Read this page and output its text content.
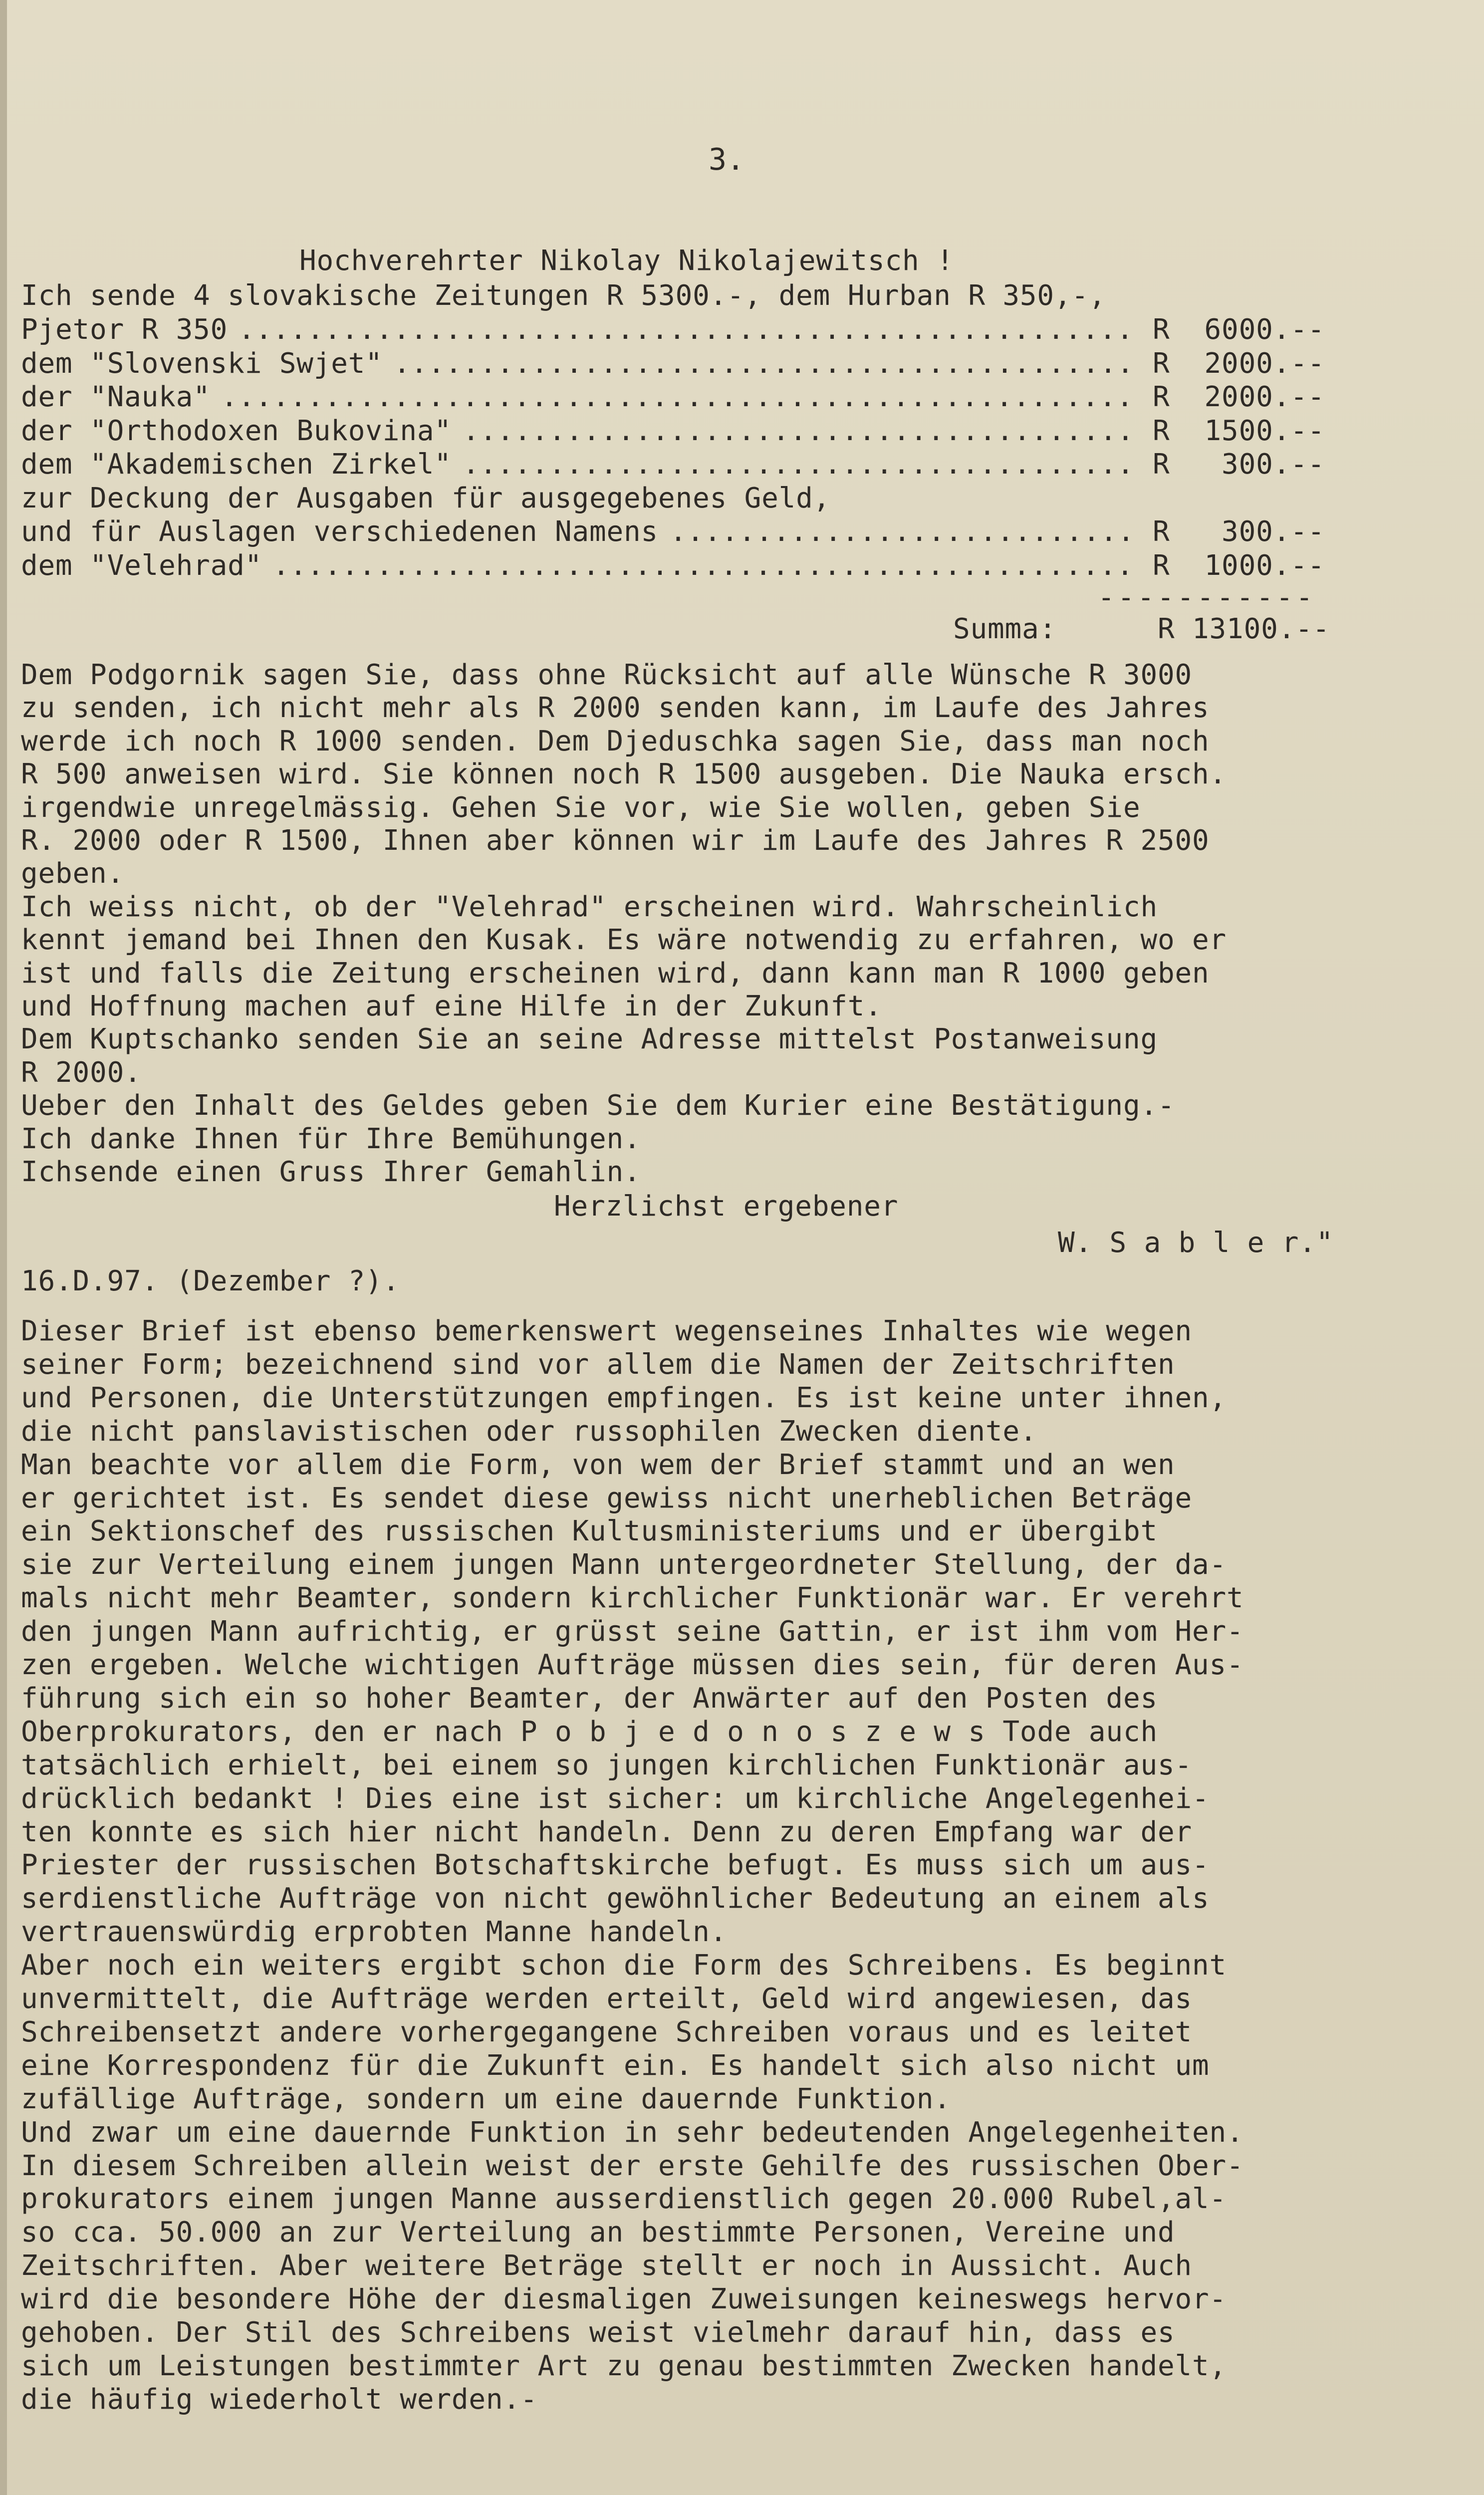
3.
Hochverehrter Nikolay Nikolajewitsch !
Ich sende 4 slovakische Zeitungen R 5300.-, dem Hurban R 350,-,
Pjetor R 350 .................................................... R  6000.--
dem "Slovenski Swjet" ........................................... R  2000.--
der "Nauka" ..................................................... R  2000.--
der "Orthodoxen Bukovina" ....................................... R  1500.--
dem "Akademischen Zirkel" ....................................... R   300.--
zur Deckung der Ausgaben für ausgegebenes Geld,
und für Auslagen verschiedenen Namens ........................... R   300.--
dem "Velehrad" .................................................. R  1000.--
-----------
Summa:	R 13100.--
Dem Podgornik sagen Sie, dass ohne Rücksicht auf alle Wünsche R 3000
zu senden, ich nicht mehr als R 2000 senden kann, im Laufe des Jahres
werde ich noch R 1000 senden. Dem Djeduschka sagen Sie, dass man noch
R 500 anweisen wird. Sie können noch R 1500 ausgeben. Die Nauka ersch.
irgendwie unregelmässig. Gehen Sie vor, wie Sie wollen, geben Sie
R. 2000 oder R 1500, Ihnen aber können wir im Laufe des Jahres R 2500
geben.
Ich weiss nicht, ob der "Velehrad" erscheinen wird. Wahrscheinlich
kennt jemand bei Ihnen den Kusak. Es wäre notwendig zu erfahren, wo er
ist und falls die Zeitung erscheinen wird, dann kann man R 1000 geben
und Hoffnung machen auf eine Hilfe in der Zukunft.
Dem Kuptschanko senden Sie an seine Adresse mittelst Postanweisung
R 2000.
Ueber den Inhalt des Geldes geben Sie dem Kurier eine Bestätigung.-
Ich danke Ihnen für Ihre Bemühungen.
Ichsende einen Gruss Ihrer Gemahlin.
Herzlichst ergebener
W. S a b l e r."
16.D.97. (Dezember ?).
Dieser Brief ist ebenso bemerkenswert wegenseines Inhaltes wie wegen
seiner Form; bezeichnend sind vor allem die Namen der Zeitschriften
und Personen, die Unterstützungen empfingen. Es ist keine unter ihnen,
die nicht panslavistischen oder russophilen Zwecken diente.
Man beachte vor allem die Form, von wem der Brief stammt und an wen
er gerichtet ist. Es sendet diese gewiss nicht unerheblichen Beträge
ein Sektionschef des russischen Kultusministeriums und er übergibt
sie zur Verteilung einem jungen Mann untergeordneter Stellung, der da-
mals nicht mehr Beamter, sondern kirchlicher Funktionär war. Er verehrt
den jungen Mann aufrichtig, er grüsst seine Gattin, er ist ihm vom Her-
zen ergeben. Welche wichtigen Aufträge müssen dies sein, für deren Aus-
führung sich ein so hoher Beamter, der Anwärter auf den Posten des
Oberprokurators, den er nach P o b j e d o n o s z e w s Tode auch
tatsächlich erhielt, bei einem so jungen kirchlichen Funktionär aus-
drücklich bedankt ! Dies eine ist sicher: um kirchliche Angelegenhei-
ten konnte es sich hier nicht handeln. Denn zu deren Empfang war der
Priester der russischen Botschaftskirche befugt. Es muss sich um aus-
serdienstliche Aufträge von nicht gewöhnlicher Bedeutung an einem als
vertrauenswürdig erprobten Manne handeln.
Aber noch ein weiters ergibt schon die Form des Schreibens. Es beginnt
unvermittelt, die Aufträge werden erteilt, Geld wird angewiesen, das
Schreibensetzt andere vorhergegangene Schreiben voraus und es leitet
eine Korrespondenz für die Zukunft ein. Es handelt sich also nicht um
zufällige Aufträge, sondern um eine dauernde Funktion.
Und zwar um eine dauernde Funktion in sehr bedeutenden Angelegenheiten.
In diesem Schreiben allein weist der erste Gehilfe des russischen Ober-
prokurators einem jungen Manne ausserdienstlich gegen 20.000 Rubel,al-
so cca. 50.000 an zur Verteilung an bestimmte Personen, Vereine und
Zeitschriften. Aber weitere Beträge stellt er noch in Aussicht. Auch
wird die besondere Höhe der diesmaligen Zuweisungen keineswegs hervor-
gehoben. Der Stil des Schreibens weist vielmehr darauf hin, dass es
sich um Leistungen bestimmter Art zu genau bestimmten Zwecken handelt,
die häufig wiederholt werden.-
